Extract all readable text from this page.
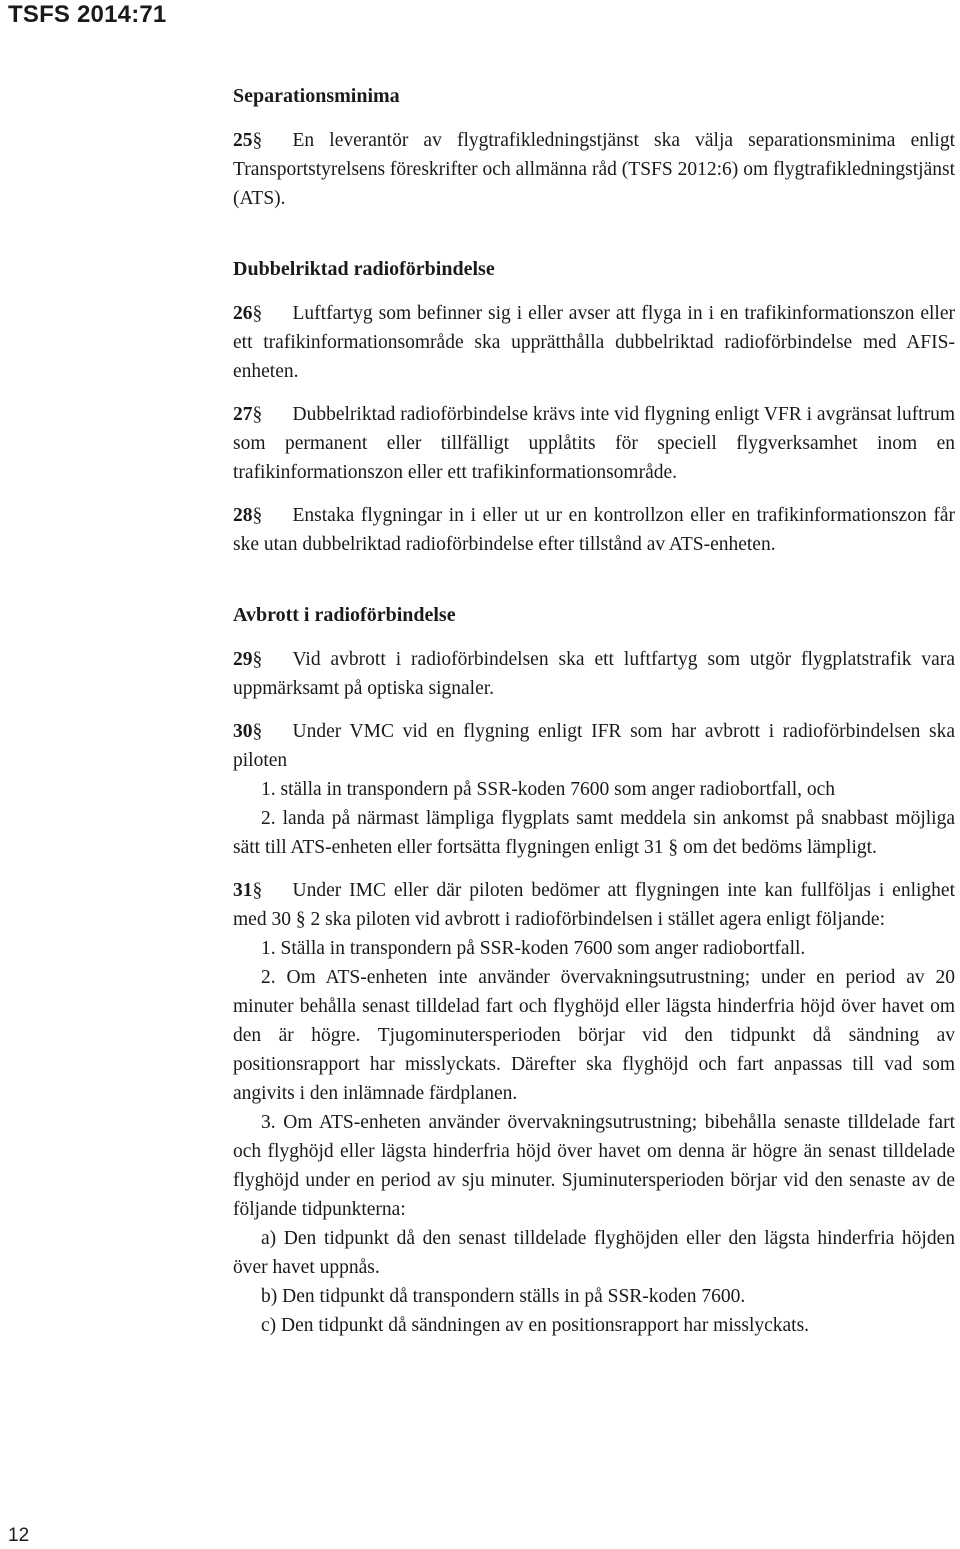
TSFS 2014:71
Separationsminima

25§ En leverantör av flygtrafikledningstjänst ska välja separationsminima enligt Transportstyrelsens föreskrifter och allmänna råd (TSFS 2012:6) om flygtrafikledningstjänst (ATS).

Dubbelriktad radioförbindelse

26§ Luftfartyg som befinner sig i eller avser att flyga in i en trafikinformationszon eller ett trafikinformationsområde ska upprätthålla dubbelriktad radioförbindelse med AFIS-enheten.

27§ Dubbelriktad radioförbindelse krävs inte vid flygning enligt VFR i avgränsat luftrum som permanent eller tillfälligt upplåtits för speciell flygverksamhet inom en trafikinformationszon eller ett trafikinformationsområde.

28§ Enstaka flygningar in i eller ut ur en kontrollzon eller en trafikinformationszon får ske utan dubbelriktad radioförbindelse efter tillstånd av ATS-enheten.

Avbrott i radioförbindelse

29§ Vid avbrott i radioförbindelsen ska ett luftfartyg som utgör flygplatstrafik vara uppmärksamt på optiska signaler.

30§ Under VMC vid en flygning enligt IFR som har avbrott i radioförbindelsen ska piloten

1. ställa in transpondern på SSR-koden 7600 som anger radiobortfall, och

2. landa på närmast lämpliga flygplats samt meddela sin ankomst på snabbast möjliga sätt till ATS-enheten eller fortsätta flygningen enligt 31 § om det bedöms lämpligt.

31§ Under IMC eller där piloten bedömer att flygningen inte kan fullföljas i enlighet med 30 § 2 ska piloten vid avbrott i radioförbindelsen i stället agera enligt följande:

1. Ställa in transpondern på SSR-koden 7600 som anger radiobortfall.

2. Om ATS-enheten inte använder övervakningsutrustning; under en period av 20 minuter behålla senast tilldelad fart och flyghöjd eller lägsta hinderfria höjd över havet om den är högre. Tjugominutersperioden börjar vid den tidpunkt då sändning av positionsrapport har misslyckats. Därefter ska flyghöjd och fart anpassas till vad som angivits i den inlämnade färdplanen.

3. Om ATS-enheten använder övervakningsutrustning; bibehålla senaste tilldelade fart och flyghöjd eller lägsta hinderfria höjd över havet om denna är högre än senast tilldelade flyghöjd under en period av sju minuter. Sjuminutersperioden börjar vid den senaste av de följande tidpunkterna:

a) Den tidpunkt då den senast tilldelade flyghöjden eller den lägsta hinderfria höjden över havet uppnås.

b) Den tidpunkt då transpondern ställs in på SSR-koden 7600.

c) Den tidpunkt då sändningen av en positionsrapport har misslyckats.

12
